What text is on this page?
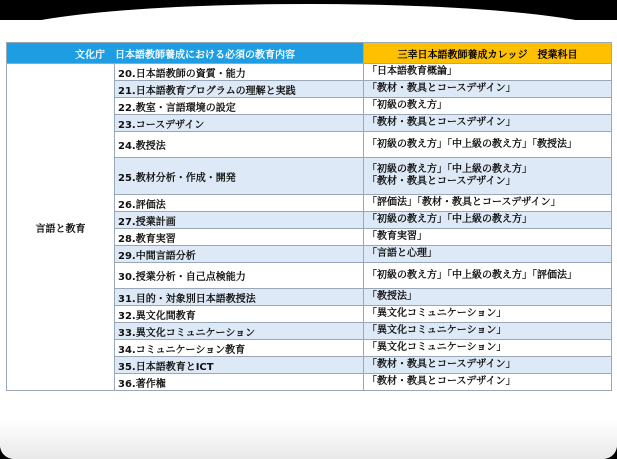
文化庁　日本語教師養成における必須の教育内容		三幸日本語教師養成カレッジ　授業科目
言語と教育	20.日本語教師の資質・能力	「日本語教育概論」

	21.日本語教育プログラムの理解と実践	「教材・教具とコースデザイン」

	22.教室・言語環境の設定	「初級の教え方」

	23.コースデザイン	「教材・教具とコースデザイン」

	24.教授法	「初級の教え方」「中上級の教え方」「教授法」

	25.教材分析・作成・開発	「初級の教え方」「中上級の教え方」
「教材・教具とコースデザイン」

	26.評価法	「評価法」「教材・教具とコースデザイン」

	27.授業計画	「初級の教え方」「中上級の教え方」

	28.教育実習	「教育実習」

	29.中間言語分析	「言語と心理」

	30.授業分析・自己点検能力	「初級の教え方」「中上級の教え方」「評価法」

	31.目的・対象別日本語教授法	「教授法」

	32.異文化間教育	「異文化コミュニケーション」

	33.異文化コミュニケーション	「異文化コミュニケーション」

	34.コミュニケーション教育	「異文化コミュニケーション」

	35.日本語教育とICT	「教材・教具とコースデザイン」

	36.著作権	「教材・教具とコースデザイン」
